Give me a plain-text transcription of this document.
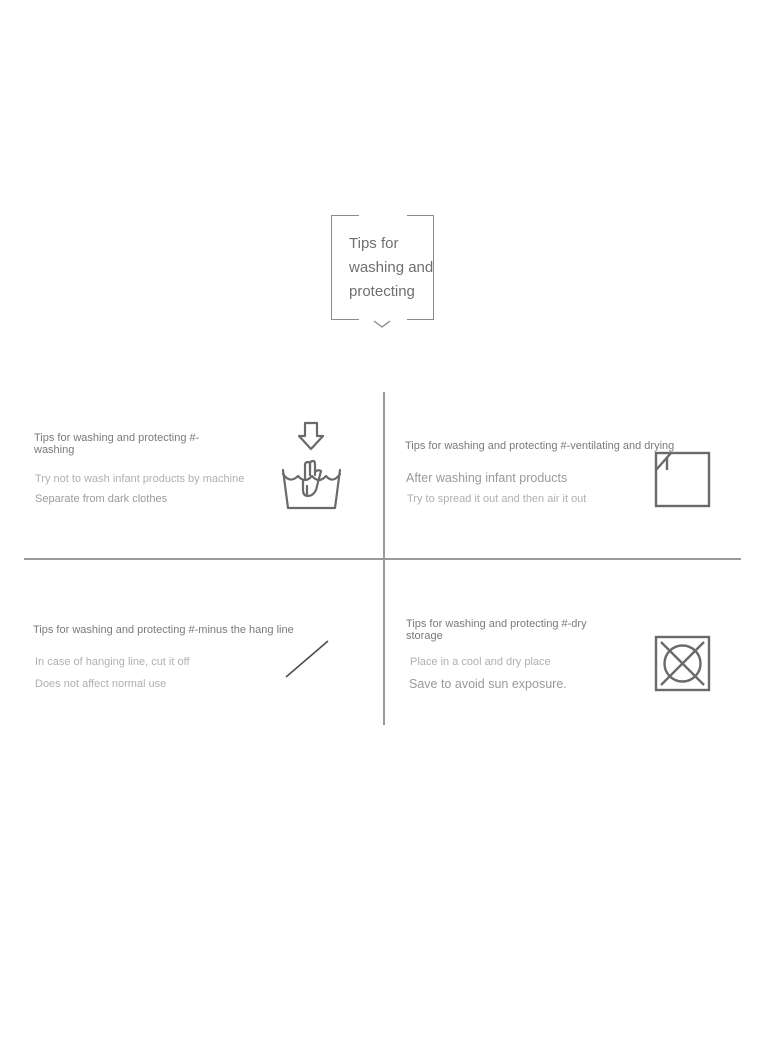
Tips for washing and protecting
Tips for washing and protecting #-washing
Try not to wash infant products by machine
Separate from dark clothes
Tips for washing and protecting #-ventilating and drying
After washing infant products
Try to spread it out and then air it out
Tips for washing and protecting #-minus the hang line
In case of hanging line, cut it off
Does not affect normal use
Tips for washing and protecting #-dry storage
Place in a cool and dry place
Save to avoid sun exposure.
